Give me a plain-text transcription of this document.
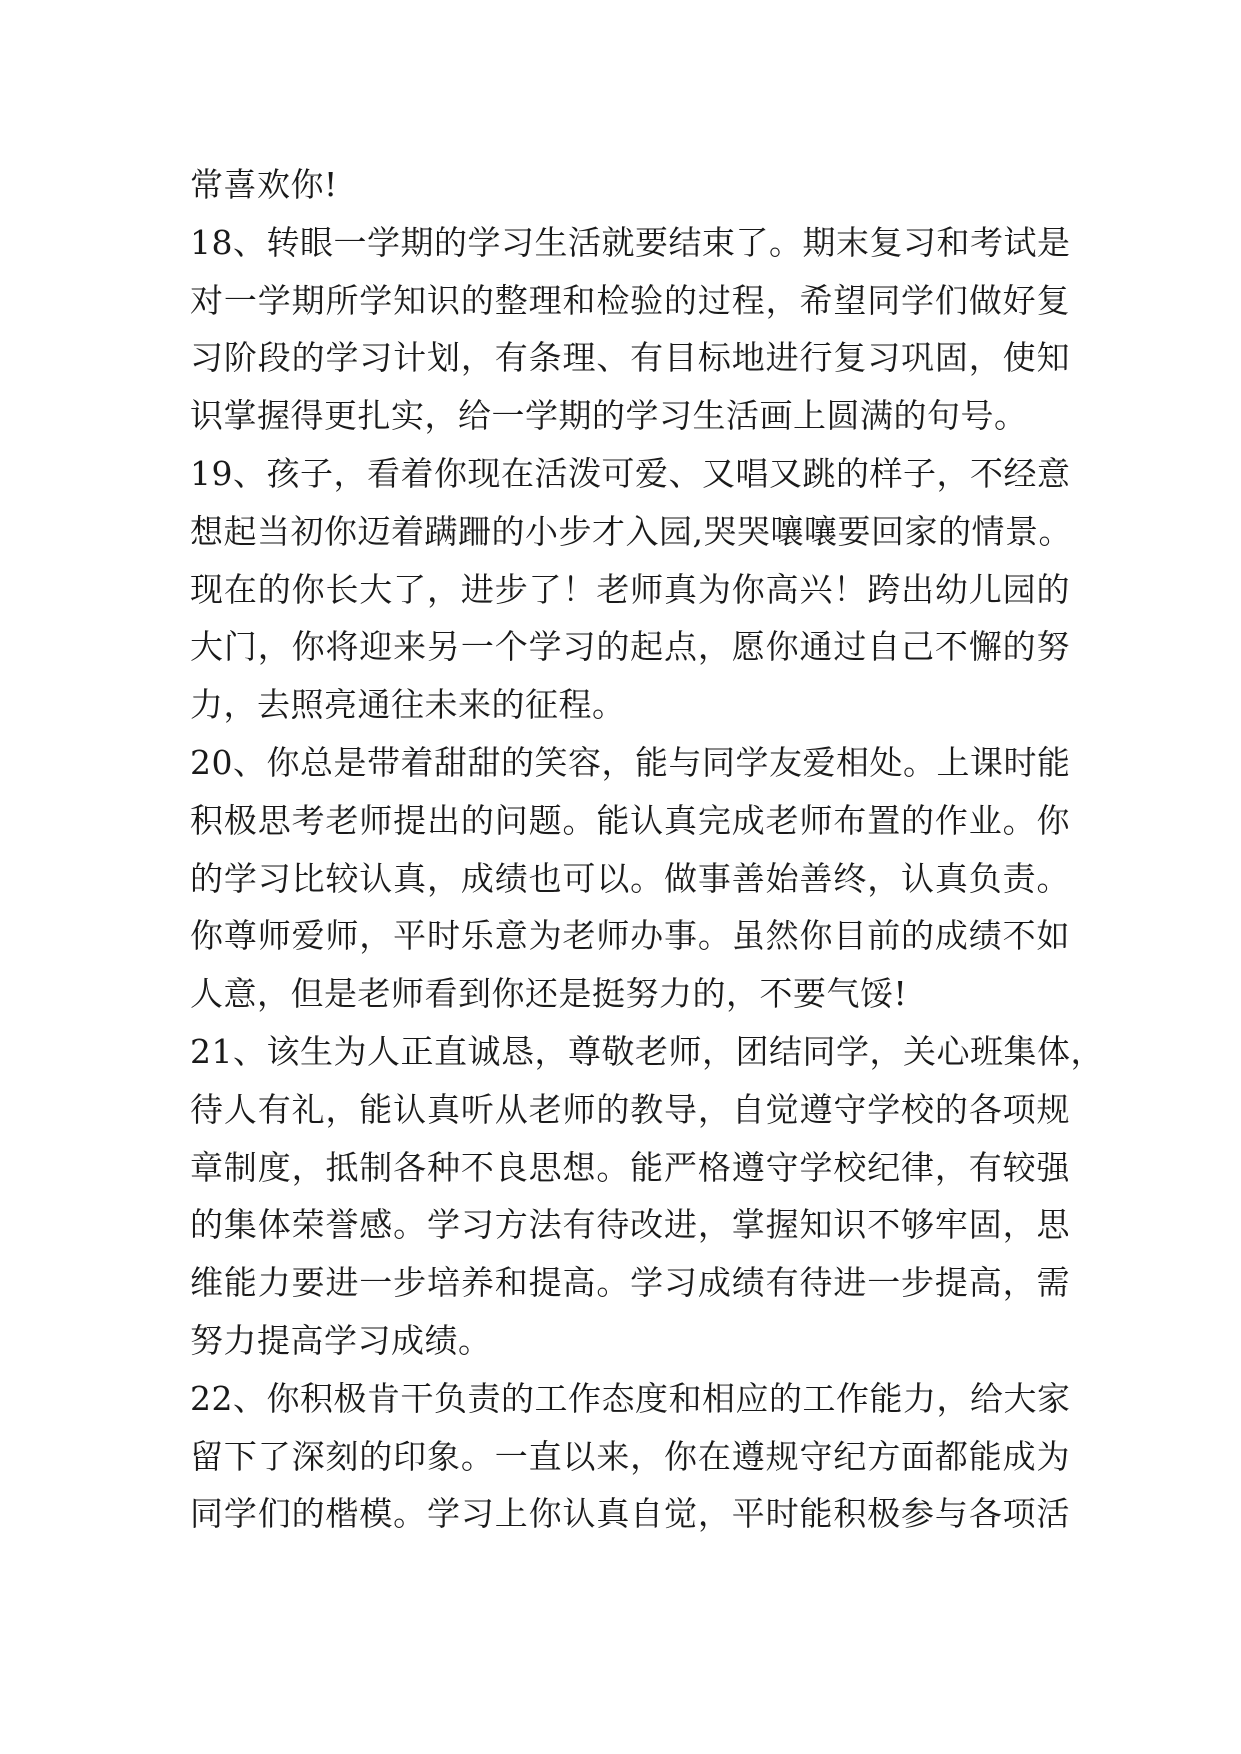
常喜欢你!
18、转眼一学期的学习生活就要结束了。期末复习和考试是
对一学期所学知识的整理和检验的过程，希望同学们做好复
习阶段的学习计划，有条理、有目标地进行复习巩固，使知
识掌握得更扎实，给一学期的学习生活画上圆满的句号。
19、孩子，看着你现在活泼可爱、又唱又跳的样子，不经意
想起当初你迈着蹒跚的小步才入园,哭哭嚷嚷要回家的情景。
现在的你长大了，进步了！老师真为你高兴！跨出幼儿园的
大门，你将迎来另一个学习的起点，愿你通过自己不懈的努
力，去照亮通往未来的征程。
20、你总是带着甜甜的笑容，能与同学友爱相处。上课时能
积极思考老师提出的问题。能认真完成老师布置的作业。你
的学习比较认真，成绩也可以。做事善始善终，认真负责。
你尊师爱师，平时乐意为老师办事。虽然你目前的成绩不如
人意，但是老师看到你还是挺努力的，不要气馁!
21、该生为人正直诚恳，尊敬老师，团结同学，关心班集体，
待人有礼，能认真听从老师的教导，自觉遵守学校的各项规
章制度，抵制各种不良思想。能严格遵守学校纪律，有较强
的集体荣誉感。学习方法有待改进，掌握知识不够牢固，思
维能力要进一步培养和提高。学习成绩有待进一步提高，需
努力提高学习成绩。
22、你积极肯干负责的工作态度和相应的工作能力，给大家
留下了深刻的印象。一直以来，你在遵规守纪方面都能成为
同学们的楷模。学习上你认真自觉，平时能积极参与各项活
